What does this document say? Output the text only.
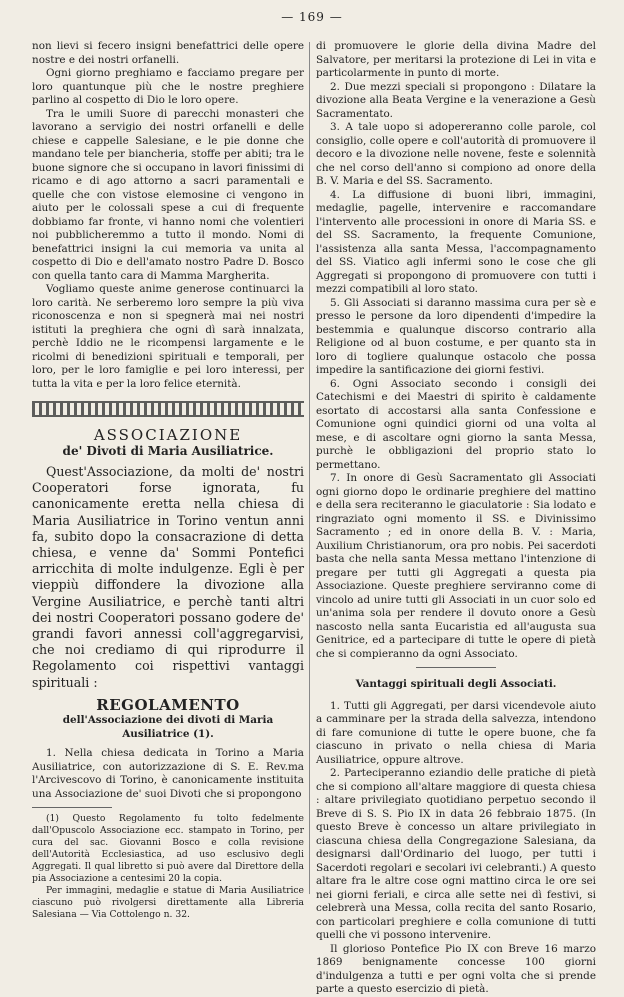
— 169 —

non lievi si fecero insigni benefattrici delle opere nostre e dei nostri orfanelli.

Ogni giorno preghiamo e facciamo pregare per loro quantunque più che le nostre preghiere parlino al cospetto di Dio le loro opere.

Tra le umili Suore di parecchi monasteri che lavorano a servigio dei nostri orfanelli e delle chiese e cappelle Salesiane, e le pie donne che mandano tele per biancheria, stoffe per abiti; tra le buone signore che si occupano in lavori finissimi di ricamo e di ago attorno a sacri paramentali e quelle che con vistose elemosine ci vengono in aiuto per le colossali spese a cui di frequente dobbiamo far fronte, vi hanno nomi che volentieri noi pubblicheremmo a tutto il mondo. Nomi di benefattrici insigni la cui memoria va unita al cospetto di Dio e dell'amato nostro Padre D. Bosco con quella tanto cara di Mamma Margherita.

Vogliamo queste anime generose continuarci la loro carità. Ne serberemo loro sempre la più viva riconoscenza e non si spegnerà mai nei nostri istituti la preghiera che ogni dì sarà innalzata, perchè Iddio ne le ricompensi largamente e le ricolmi di benedizioni spirituali e temporali, per loro, per le loro famiglie e pei loro interessi, per tutta la vita e per la loro felice eternità.

ASSOCIAZIONE
de' Divoti di Maria Ausiliatrice.

Quest'Associazione, da molti de' nostri Cooperatori forse ignorata, fu canonicamente eretta nella chiesa di Maria Ausiliatrice in Torino ventun anni fa, subito dopo la consacrazione di detta chiesa, e venne da' Sommi Pontefici arricchita di molte indulgenze. Egli è per vieppiù diffondere la divozione alla Vergine Ausiliatrice, e perchè tanti altri dei nostri Cooperatori possano godere de' grandi favori annessi coll'aggregarvisi, che noi crediamo di qui riprodurre il Regolamento coi rispettivi vantaggi spirituali :

REGOLAMENTO
dell'Associazione dei divoti di Maria Ausiliatrice (1).

1. Nella chiesa dedicata in Torino a Maria Ausiliatrice, con autorizzazione di S. E. Rev.ma l'Arcivescovo di Torino, è canonicamente instituita una Associazione de' suoi Divoti che si propongono

(1) Questo Regolamento fu tolto fedelmente dall'Opuscolo Associazione ecc. stampato in Torino, per cura del sac. Giovanni Bosco e colla revisione dell'Autorità Ecclesiastica, ad uso esclusivo degli Aggregati. Il qual libretto si può avere dal Direttore della pia Associazione a centesimi 20 la copia.

Per immagini, medaglie e statue di Maria Ausiliatrice ciascuno può rivolgersi direttamente alla Libreria Salesiana — Via Cottolengo n. 32.

di promuovere le glorie della divina Madre del Salvatore, per meritarsi la protezione di Lei in vita e particolarmente in punto di morte.

2. Due mezzi speciali si propongono : Dilatare la divozione alla Beata Vergine e la venerazione a Gesù Sacramentato.

3. A tale uopo si adopereranno colle parole, col consiglio, colle opere e coll'autorità di promuovere il decoro e la divozione nelle novene, feste e solennità che nel corso dell'anno si compiono ad onore della B. V. Maria e del SS. Sacramento.

4. La diffusione di buoni libri, immagini, medaglie, pagelle, intervenire e raccomandare l'intervento alle processioni in onore di Maria SS. e del SS. Sacramento, la frequente Comunione, l'assistenza alla santa Messa, l'accompagnamento del SS. Viatico agli infermi sono le cose che gli Aggregati si propongono di promuovere con tutti i mezzi compatibili al loro stato.

5. Gli Associati si daranno massima cura per sè e presso le persone da loro dipendenti d'impedire la bestemmia e qualunque discorso contrario alla Religione od al buon costume, e per quanto sta in loro di togliere qualunque ostacolo che possa impedire la santificazione dei giorni festivi.

6. Ogni Associato secondo i consigli dei Catechismi e dei Maestri di spirito è caldamente esortato di accostarsi alla santa Confessione e Comunione ogni quindici giorni od una volta al mese, e di ascoltare ogni giorno la santa Messa, purchè le obbligazioni del proprio stato lo permettano.

7. In onore di Gesù Sacramentato gli Associati ogni giorno dopo le ordinarie preghiere del mattino e della sera reciteranno le giaculatorie : Sia lodato e ringraziato ogni momento il SS. e Divinissimo Sacramento ; ed in onore della B. V. : Maria, Auxilium Christianorum, ora pro nobis. Pei sacerdoti basta che nella santa Messa mettano l'intenzione di pregare per tutti gli Aggregati a questa pia Associazione. Queste preghiere serviranno come di vincolo ad unire tutti gli Associati in un cuor solo ed un'anima sola per rendere il dovuto onore a Gesù nascosto nella santa Eucaristia ed all'augusta sua Genitrice, ed a partecipare di tutte le opere di pietà che si compieranno da ogni Associato.

Vantaggi spirituali degli Associati.

1. Tutti gli Aggregati, per darsi vicendevole aiuto a camminare per la strada della salvezza, intendono di fare comunione di tutte le opere buone, che fa ciascuno in privato o nella chiesa di Maria Ausiliatrice, oppure altrove.

2. Parteciperanno eziandio delle pratiche di pietà che si compiono all'altare maggiore di questa chiesa : altare privilegiato quotidiano perpetuo secondo il Breve di S. S. Pio IX in data 26 febbraio 1875. (In questo Breve è concesso un altare privilegiato in ciascuna chiesa della Congregazione Salesiana, da designarsi dall'Ordinario del luogo, per tutti i Sacerdoti regolari e secolari ivi celebranti.) A questo altare fra le altre cose ogni mattino circa le ore sei nei giorni feriali, e circa alle sette nei dì festivi, si celebrerà una Messa, colla recita del santo Rosario, con particolari preghiere e colla comunione di tutti quelli che vi possono intervenire.

Il glorioso Pontefice Pio IX con Breve 16 marzo 1869 benignamente concesse 100 giorni d'indulgenza a tutti e per ogni volta che si prende parte a questo esercizio di pietà.
